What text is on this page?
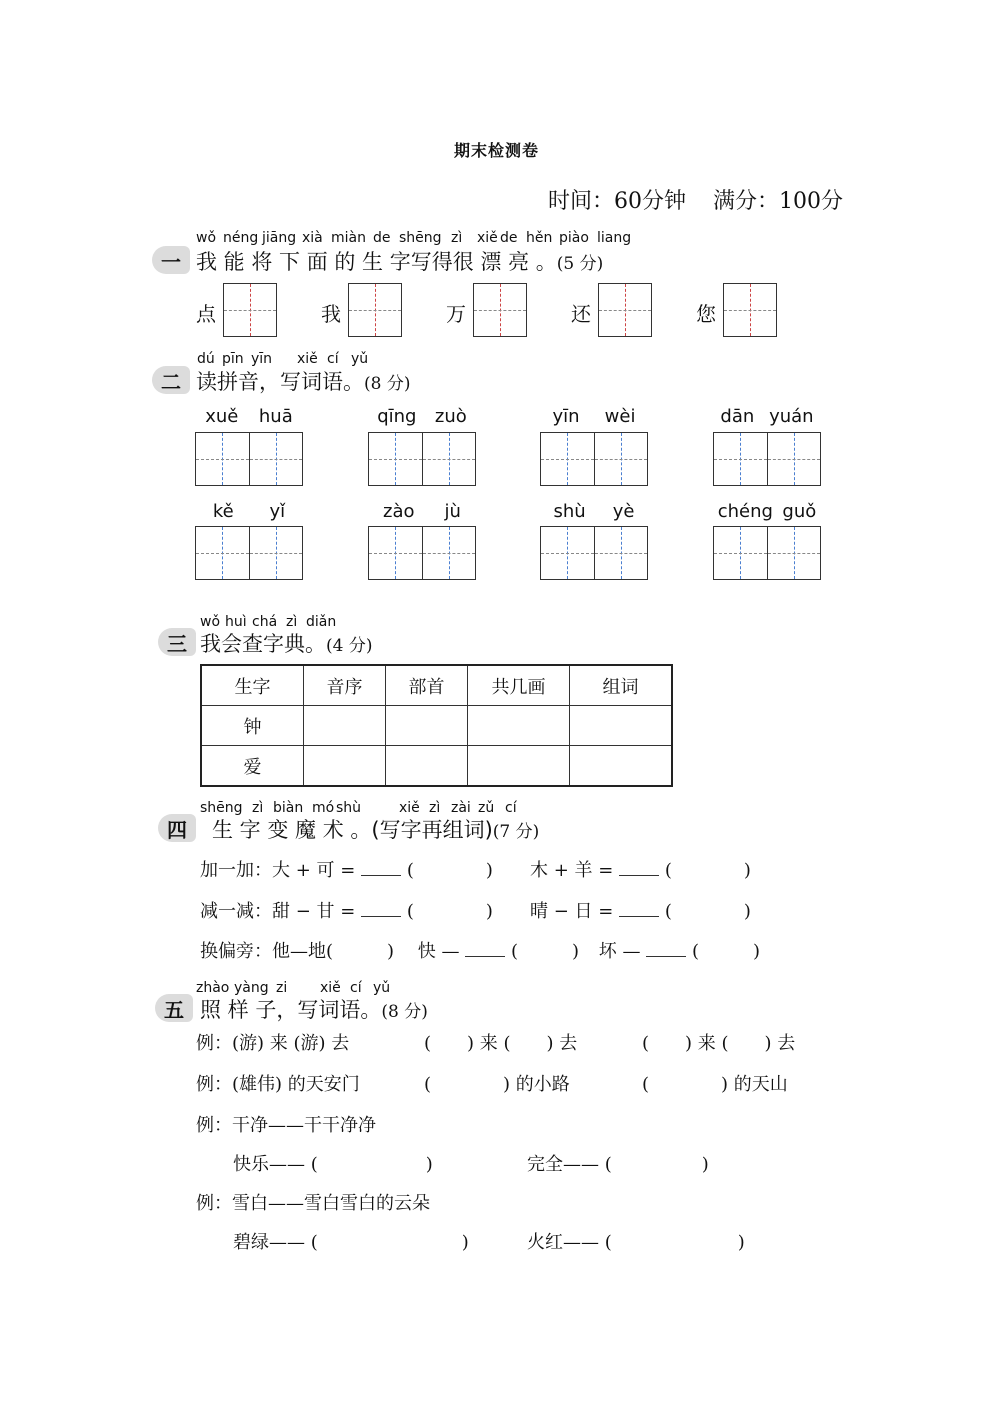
期末检测卷
时间：60分钟 满分：100分
wǒ néng jiāng xià miàn de shēng zì xiě de hěn piào liang
一 我 能 将 下 面 的 生 字写得很 漂 亮 。(5 分)
点	我	万	还	您
dú pīn yīn xiě cí yǔ
二 读拼音，写词语。(8 分)
xuě huā	qīng zuò	yīn wèi	dān yuán
kě yǐ	zào jù	shù yè	chéng guǒ
wǒ huì chá zì diǎn
三 我会查字典。(4 分)
生字	音序	部首	共几画	组词
钟				
爱				
shēng zì biàn mó shù	xiě zì zài zǔ cí
四	生 字 变 魔 术 。(写字再组词)(7 分)
加一加：大 + 可 =	(　　　　) 木 + 羊 =	(　　　　)
减一减：甜 − 甘 =	(　　　　) 晴 − 日 =	(　　　　)
换偏旁：他—地(　　　) 快 —	(　　　) 坏 —	(　　　)
zhào yàng zi xiě cí yǔ
五 照 样 子，写词语。(8 分)
例：(游) 来 (游) 去	(　　) 来 (　　) 去	(　　) 来 (　　) 去
例：(雄伟) 的天安门	(　　　　) 的小路	(　　　　) 的天山
例：干净——干干净净
快乐—— (　　　　　　)	完全—— (　　　　　)
例：雪白——雪白雪白的云朵
碧绿—— (　　　　　　　　)	火红—— (　　　　　　　)
